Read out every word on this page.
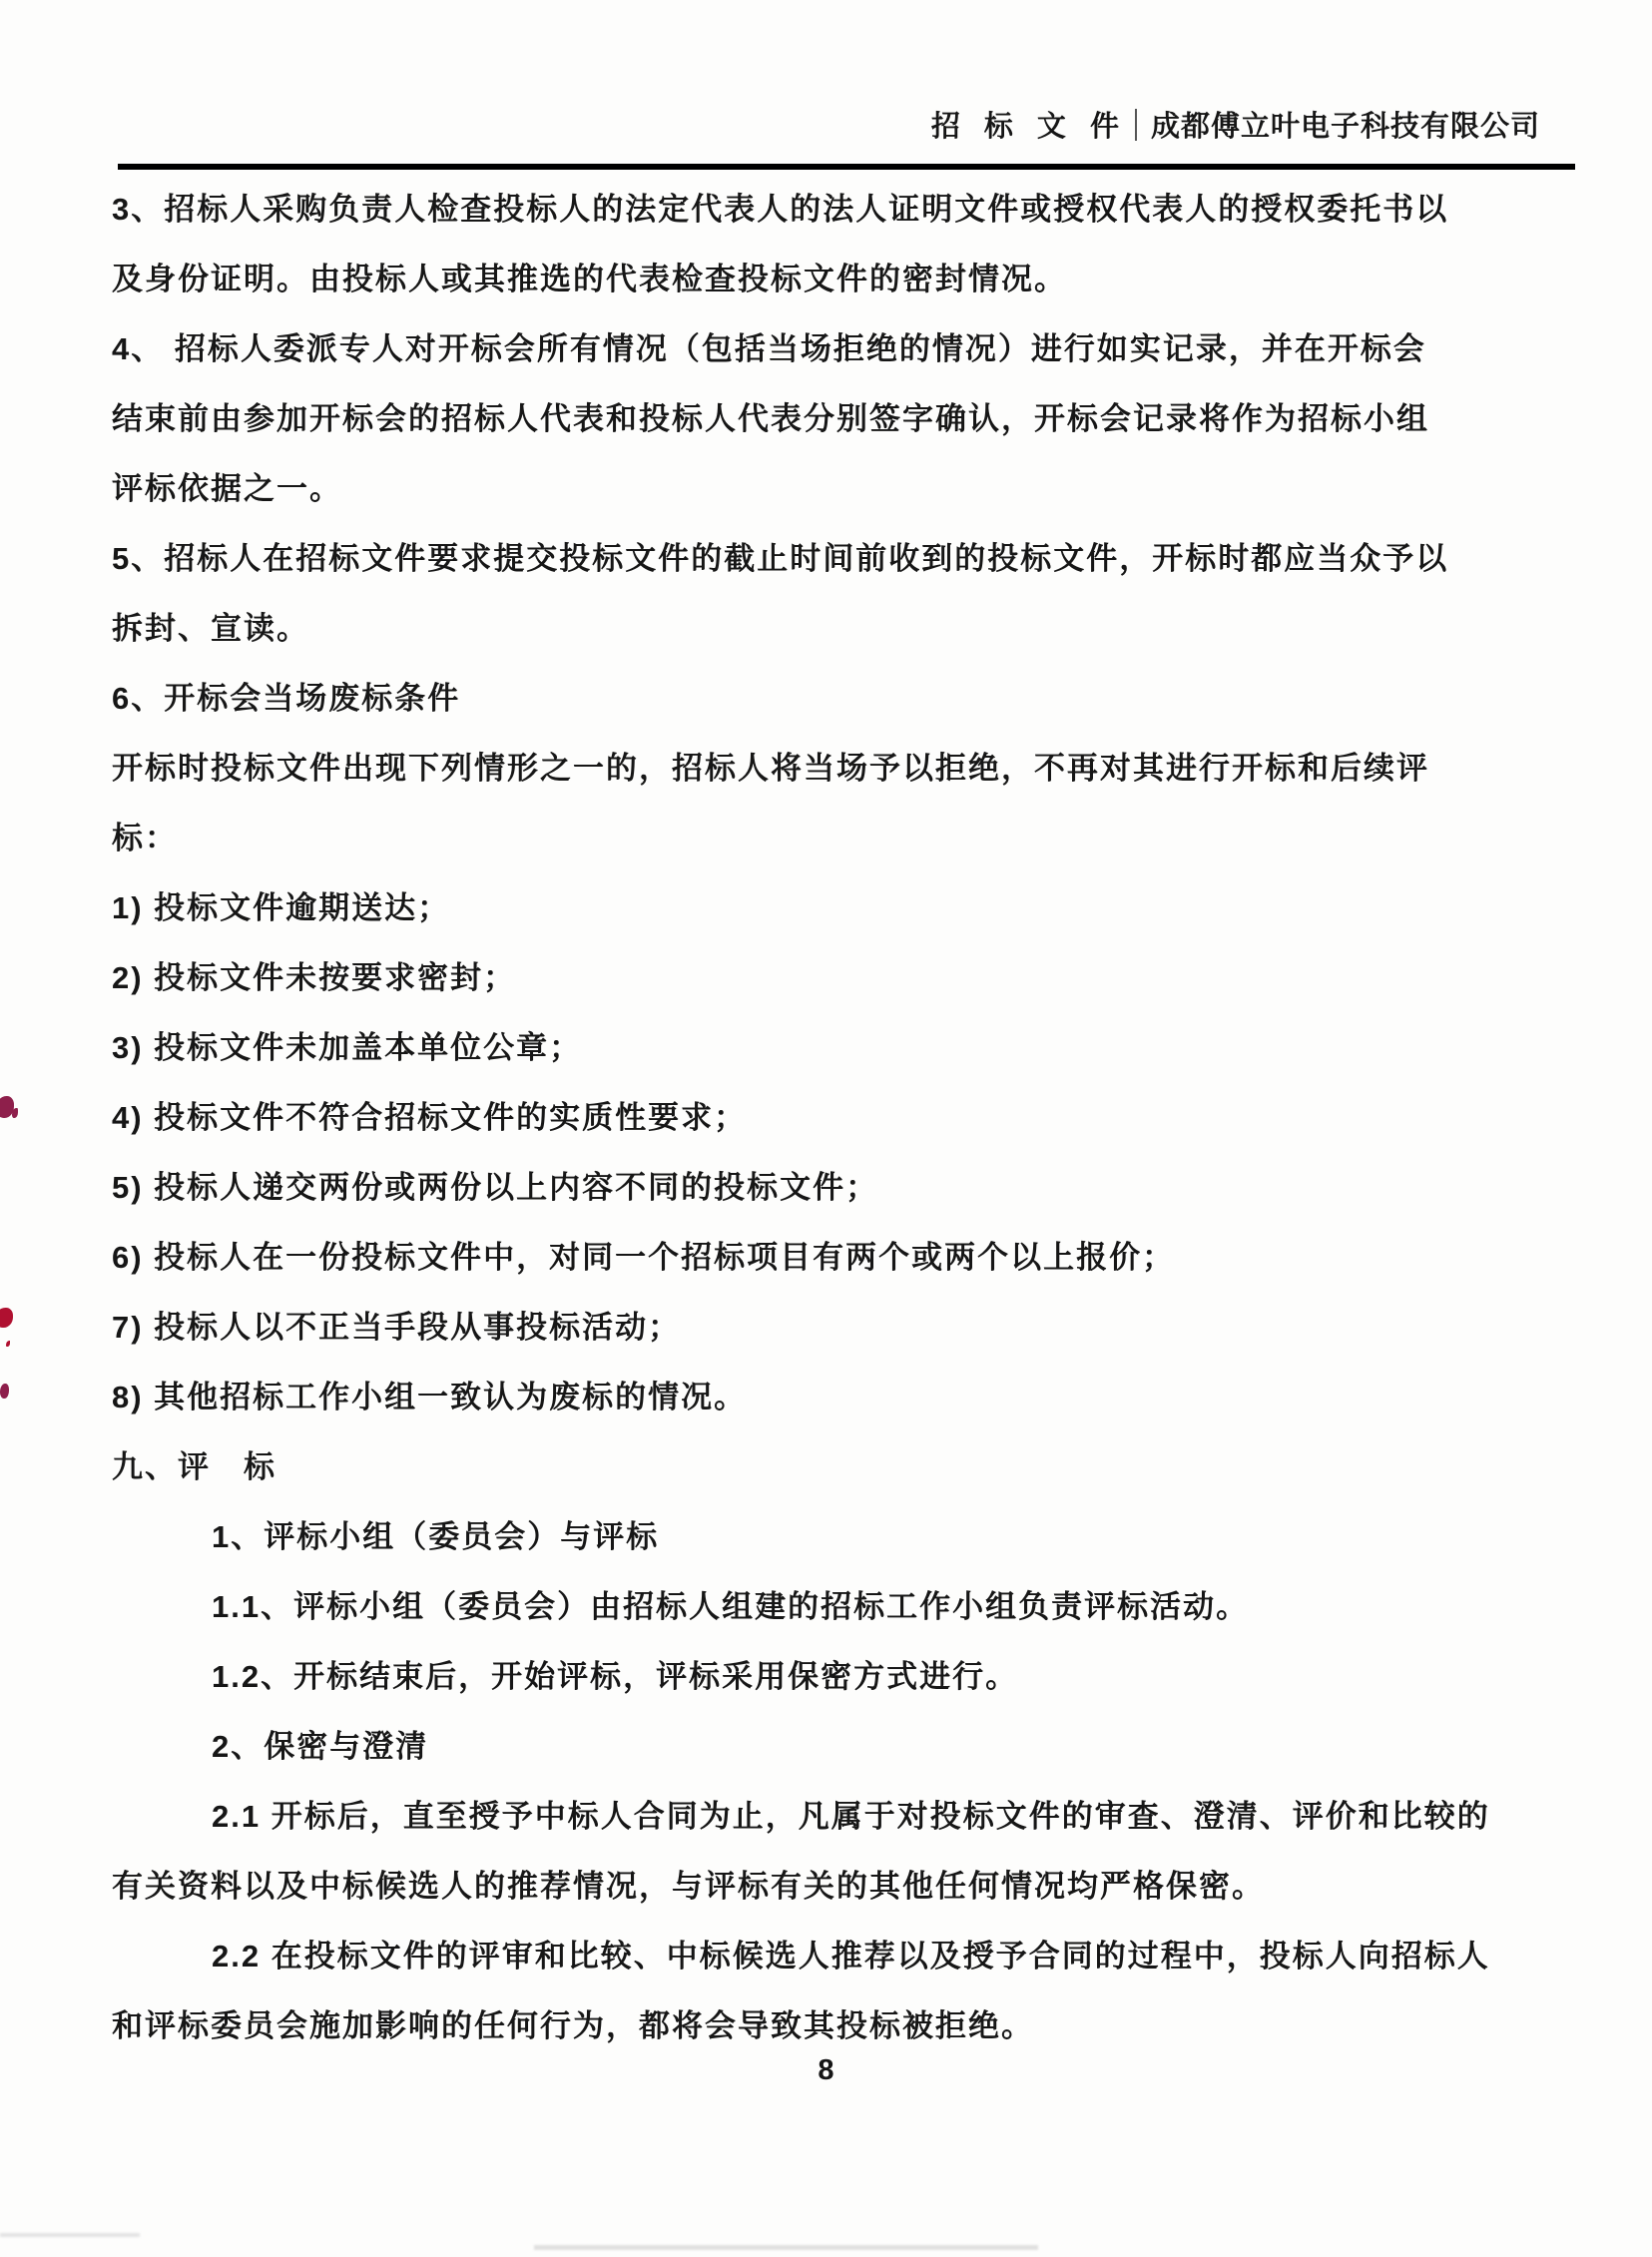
招 标 文 件 成都傅立叶电子科技有限公司

3、招标人采购负责人检查投标人的法定代表人的法人证明文件或授权代表人的授权委托书以

及身份证明。由投标人或其推选的代表检查投标文件的密封情况。

4、 招标人委派专人对开标会所有情况（包括当场拒绝的情况）进行如实记录，并在开标会

结束前由参加开标会的招标人代表和投标人代表分别签字确认，开标会记录将作为招标小组

评标依据之一。

5、招标人在招标文件要求提交投标文件的截止时间前收到的投标文件，开标时都应当众予以

拆封、宣读。

6、开标会当场废标条件

开标时投标文件出现下列情形之一的，招标人将当场予以拒绝，不再对其进行开标和后续评

标：

1) 投标文件逾期送达；

2) 投标文件未按要求密封；

3) 投标文件未加盖本单位公章；

4) 投标文件不符合招标文件的实质性要求；

5) 投标人递交两份或两份以上内容不同的投标文件；

6) 投标人在一份投标文件中，对同一个招标项目有两个或两个以上报价；

7) 投标人以不正当手段从事投标活动；

8) 其他招标工作小组一致认为废标的情况。

九、评　标

1、评标小组（委员会）与评标

1.1、评标小组（委员会）由招标人组建的招标工作小组负责评标活动。

1.2、开标结束后，开始评标，评标采用保密方式进行。

2、保密与澄清

2.1 开标后，直至授予中标人合同为止，凡属于对投标文件的审查、澄清、评价和比较的

有关资料以及中标候选人的推荐情况，与评标有关的其他任何情况均严格保密。

2.2 在投标文件的评审和比较、中标候选人推荐以及授予合同的过程中，投标人向招标人

和评标委员会施加影响的任何行为，都将会导致其投标被拒绝。

8
